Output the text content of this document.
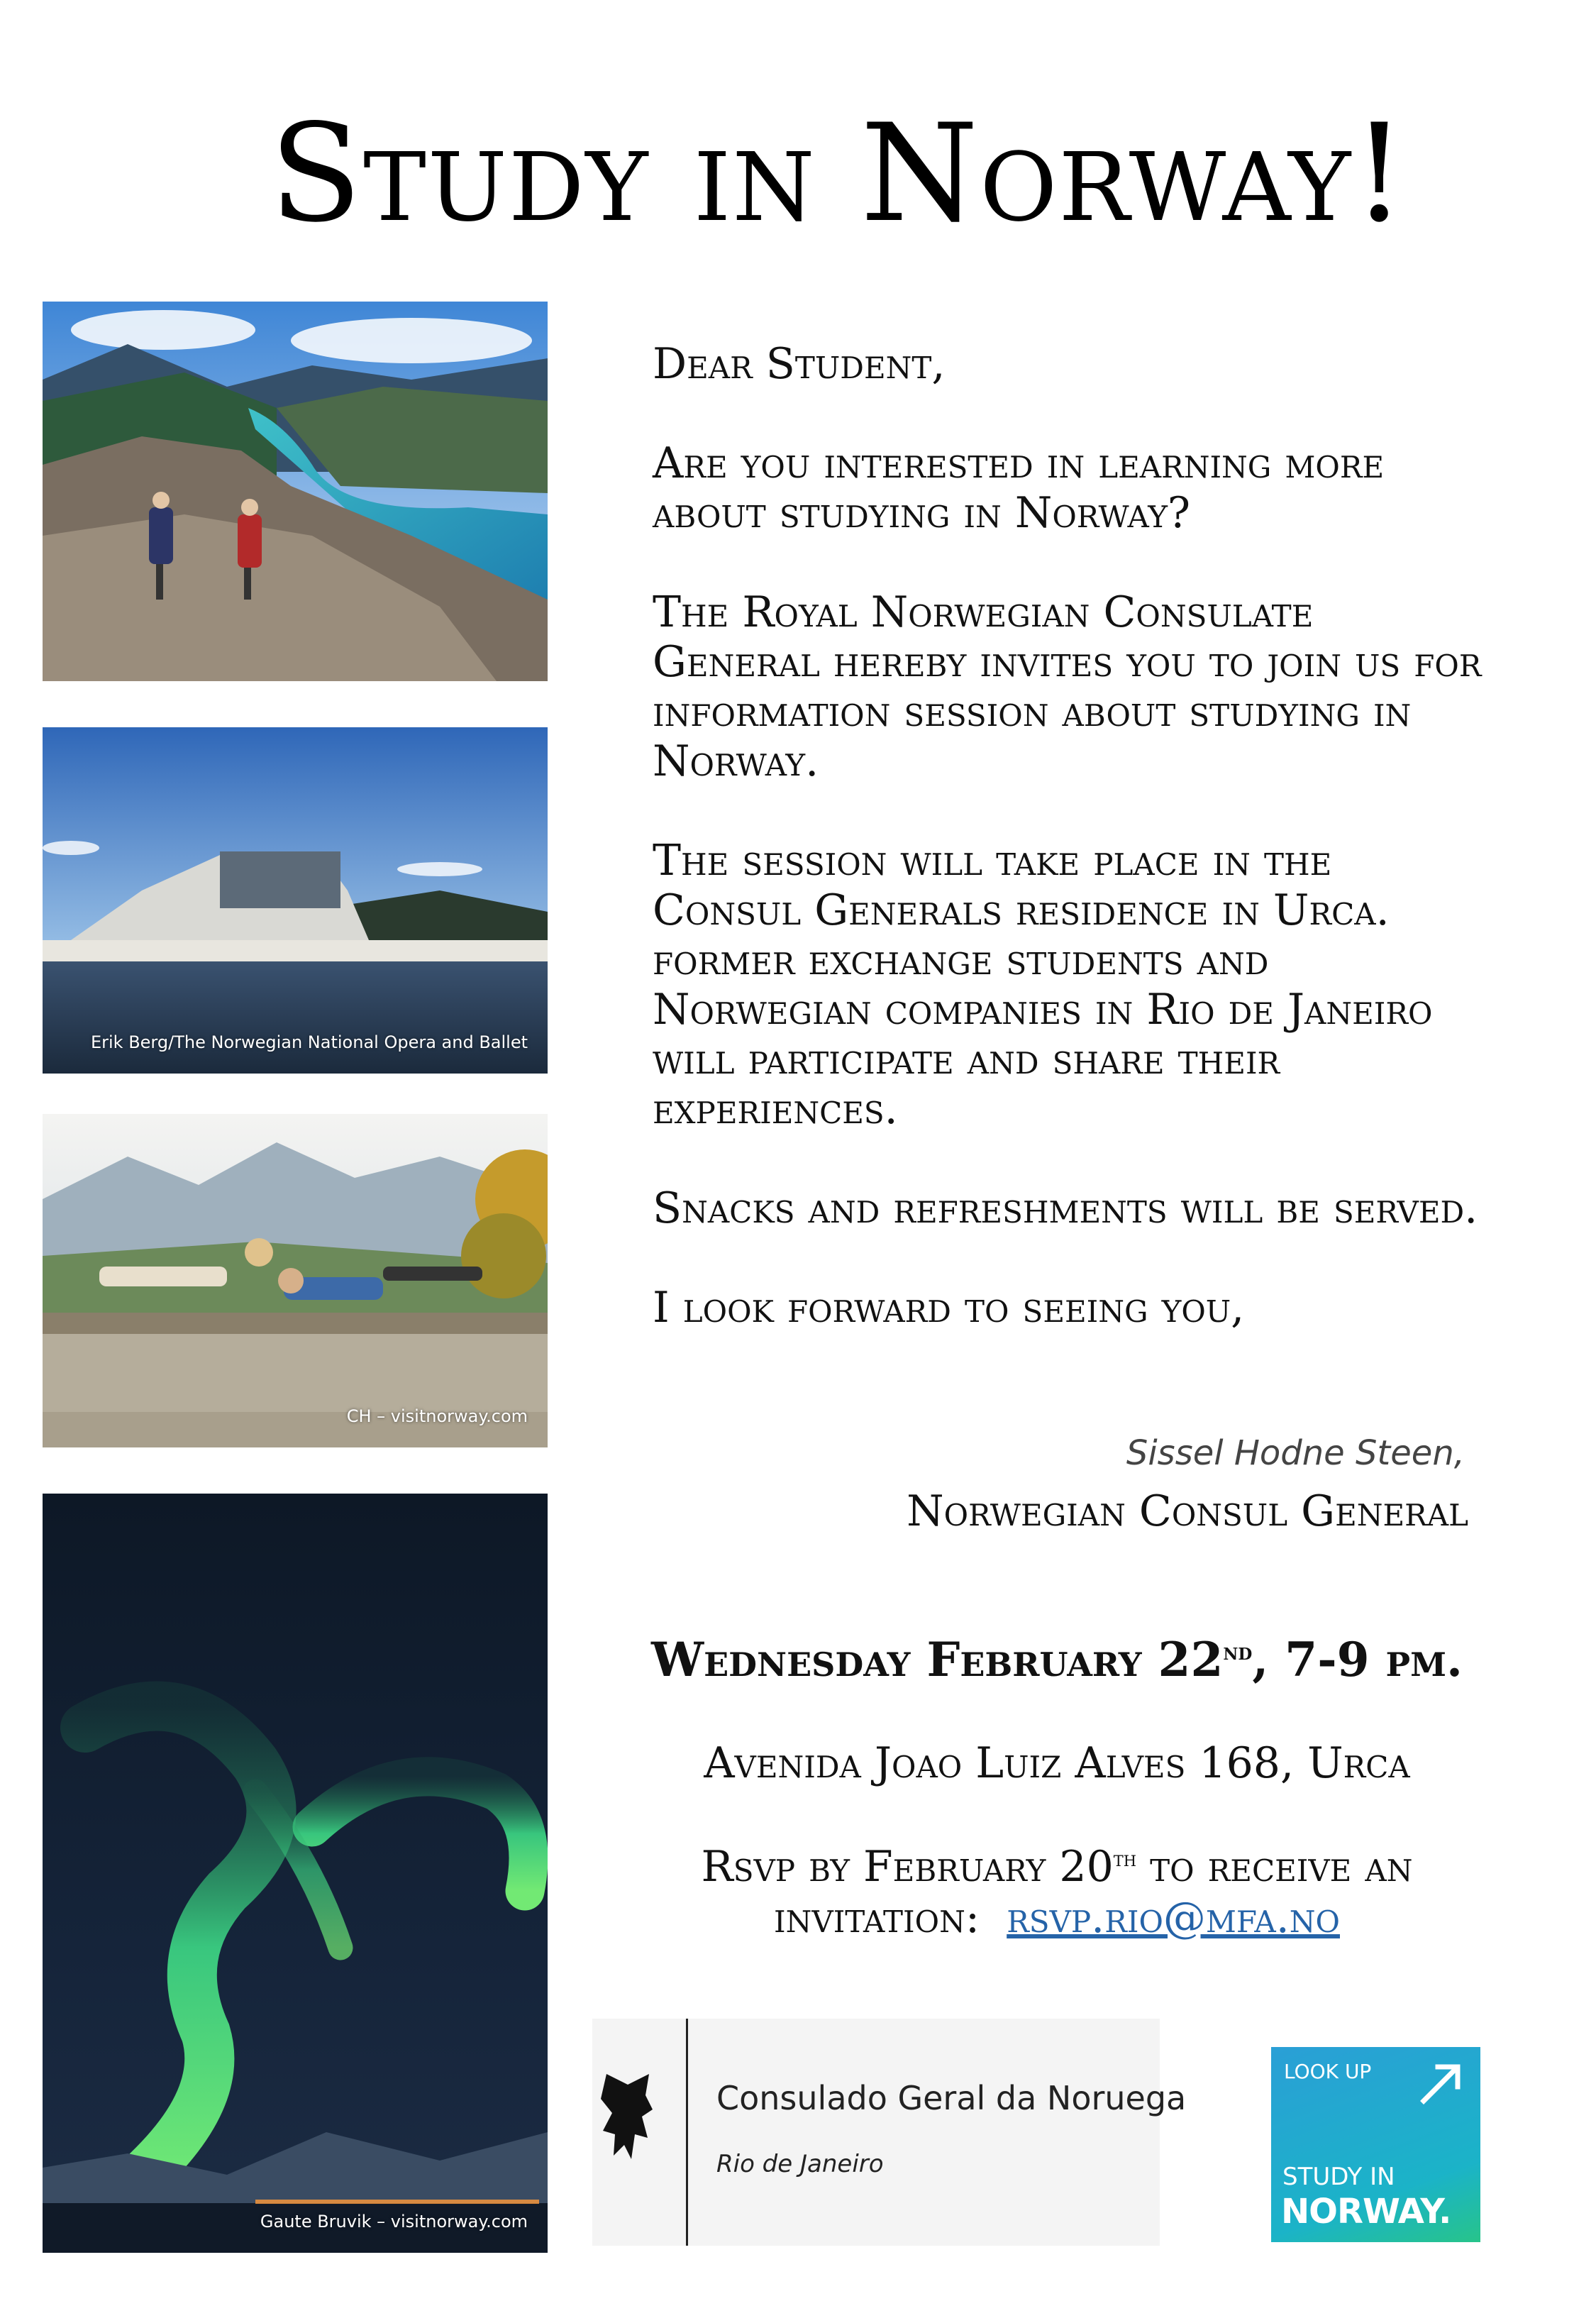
Study in Norway!
Erik Berg/The Norwegian National Opera and Ballet
CH – visitnorway.com
Gaute Bruvik – visitnorway.com

Dear Student,

Are you interested in learning more about studying in Norway?

The Royal Norwegian Consulate General hereby invites you to join us for information session about studying in Norway.

The session will take place in the Consul Generals residence in Urca. former exchange students and Norwegian companies in Rio de Janeiro will participate and share their experiences.

Snacks and refreshments will be served.

I look forward to seeing you,

Sissel Hodne Steen,
Norwegian Consul General
Wednesday February 22nd, 7-9 pm.
Avenida Joao Luiz Alves 168, Urca
Rsvp by February 20th to receive an
invitation: rsvp.rio@mfa.no
Consulado Geral da Noruega
Rio de Janeiro
LOOK UP
STUDY IN
NORWAY.
